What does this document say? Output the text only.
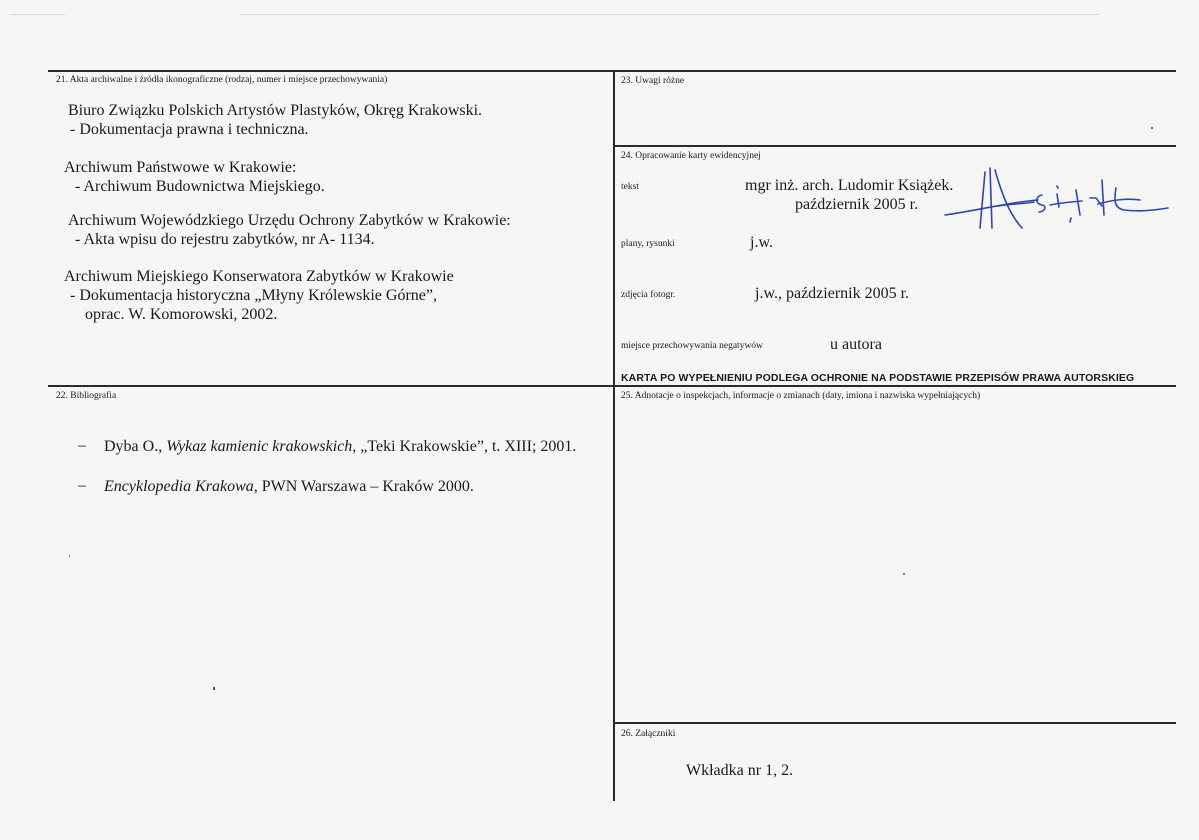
21. Akta archiwalne i źródła ikonograficzne (rodzaj, numer i miejsce przechowywania)
Biuro Związku Polskich Artystów Plastyków, Okręg Krakowski.
- Dokumentacja prawna i techniczna.
Archiwum Państwowe w Krakowie:
- Archiwum Budownictwa Miejskiego.
Archiwum Wojewódzkiego Urzędu Ochrony Zabytków w Krakowie:
- Akta wpisu do rejestru zabytków, nr A- 1134.
Archiwum Miejskiego Konserwatora Zabytków w Krakowie
- Dokumentacja historyczna „Młyny Królewskie Górne”,
oprac. W. Komorowski, 2002.
22. Bibliografia
– Dyba O., Wykaz kamienic krakowskich, „Teki Krakowskie”, t. XIII; 2001.
– Encyklopedia Krakowa, PWN Warszawa – Kraków 2000.
23. Uwagi różne
24. Opracowanie karty ewidencyjnej
tekst	mgr inż. arch. Ludomir Książek.
październik 2005 r.
plany, rysunki	j.w.
zdjęcia fotogr.	j.w., październik 2005 r.
miejsce przechowywania negatywów	u autora
KARTA PO WYPEŁNIENIU PODLEGA OCHRONIE NA PODSTAWIE PRZEPISÓW PRAWA AUTORSKIEG
25. Adnotacje o inspekcjach, informacje o zmianach (daty, imiona i nazwiska wypełniających)
26. Załączniki
Wkładka nr 1, 2.
